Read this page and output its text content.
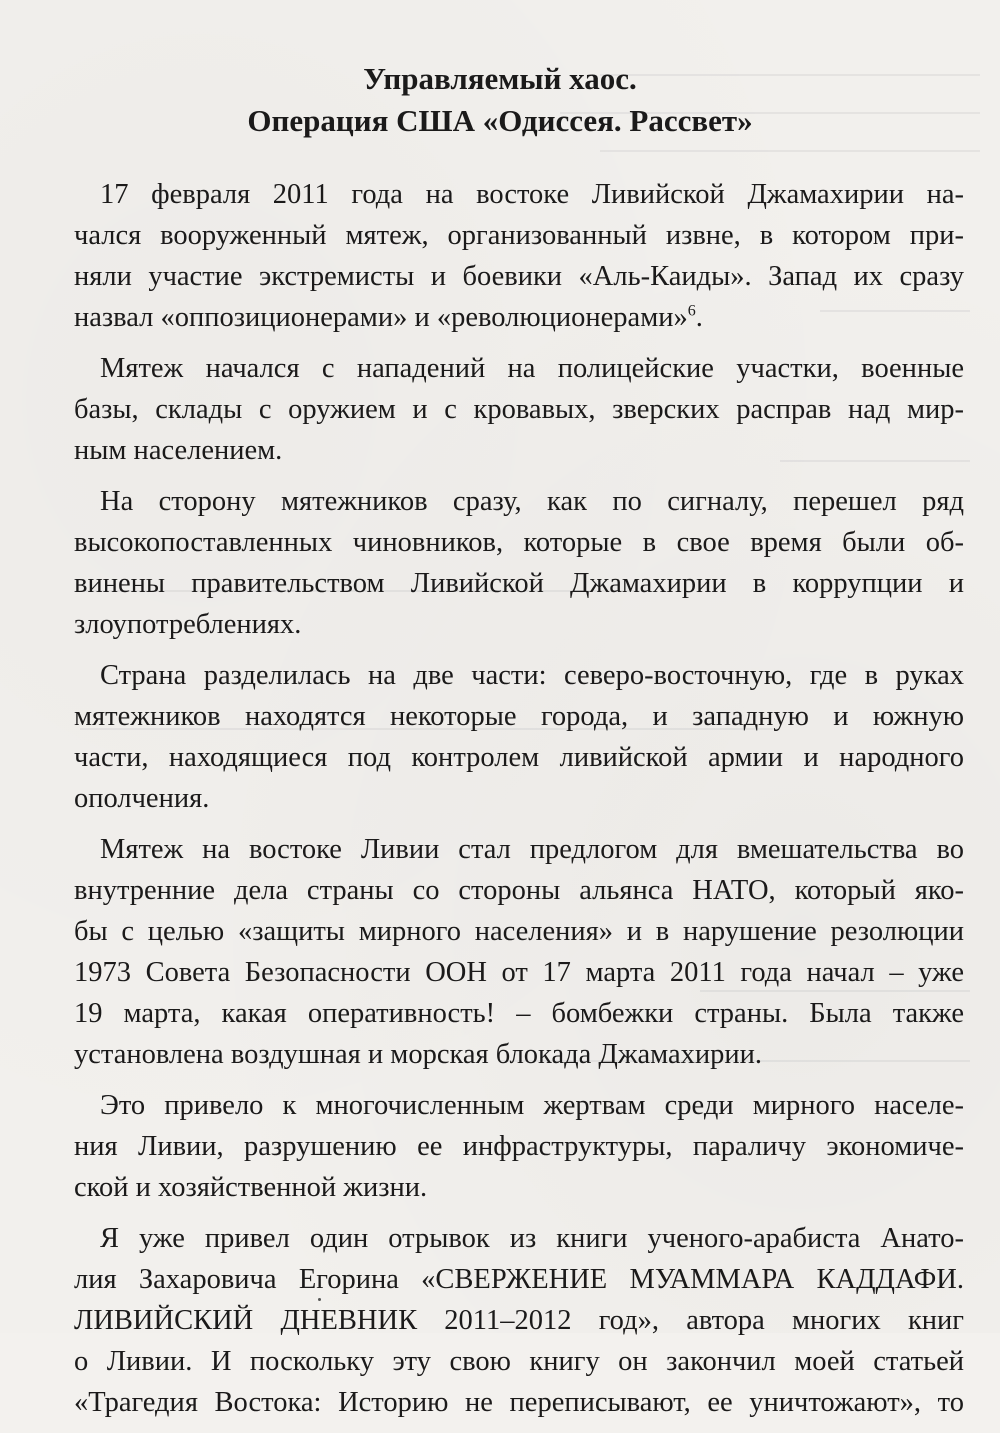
Управляемый хаос.
Операция США «Одиссея. Рассвет»

17 февраля 2011 года на востоке Ливийской Джамахирии на-
чался вооруженный мятеж, организованный извне, в котором при-
няли участие экстремисты и боевики «Аль-Каиды». Запад их сразу
назвал «оппозиционерами» и «революционерами»$^6$.

Мятеж начался с нападений на полицейские участки, военные
базы, склады с оружием и с кровавых, зверских расправ над мир-
ным населением.

На сторону мятежников сразу, как по сигналу, перешел ряд
высокопоставленных чиновников, которые в свое время были об-
винены правительством Ливийской Джамахирии в коррупции и
злоупотреблениях.

Страна разделилась на две части: северо-восточную, где в руках
мятежников находятся некоторые города, и западную и южную
части, находящиеся под контролем ливийской армии и народного
ополчения.

Мятеж на востоке Ливии стал предлогом для вмешательства во
внутренние дела страны со стороны альянса НАТО, который яко-
бы с целью «защиты мирного населения» и в нарушение резолюции
1973 Совета Безопасности ООН от 17 марта 2011 года начал – уже
19 марта, какая оперативность! – бомбежки страны. Была также
установлена воздушная и морская блокада Джамахирии.

Это привело к многочисленным жертвам среди мирного населе-
ния Ливии, разрушению ее инфраструктуры, параличу экономиче-
ской и хозяйственной жизни.

Я уже привел один отрывок из книги ученого-арабиста Анато-
лия Захаровича Егорина «СВЕРЖЕНИЕ МУАММАРА КАДДАФИ.
ЛИВИЙСКИЙ ДНЕВНИК 2011–2012 год», автора многих книг
о Ливии. И поскольку эту свою книгу он закончил моей статьей
«Трагедия Востока: Историю не переписывают, ее уничтожают», то
